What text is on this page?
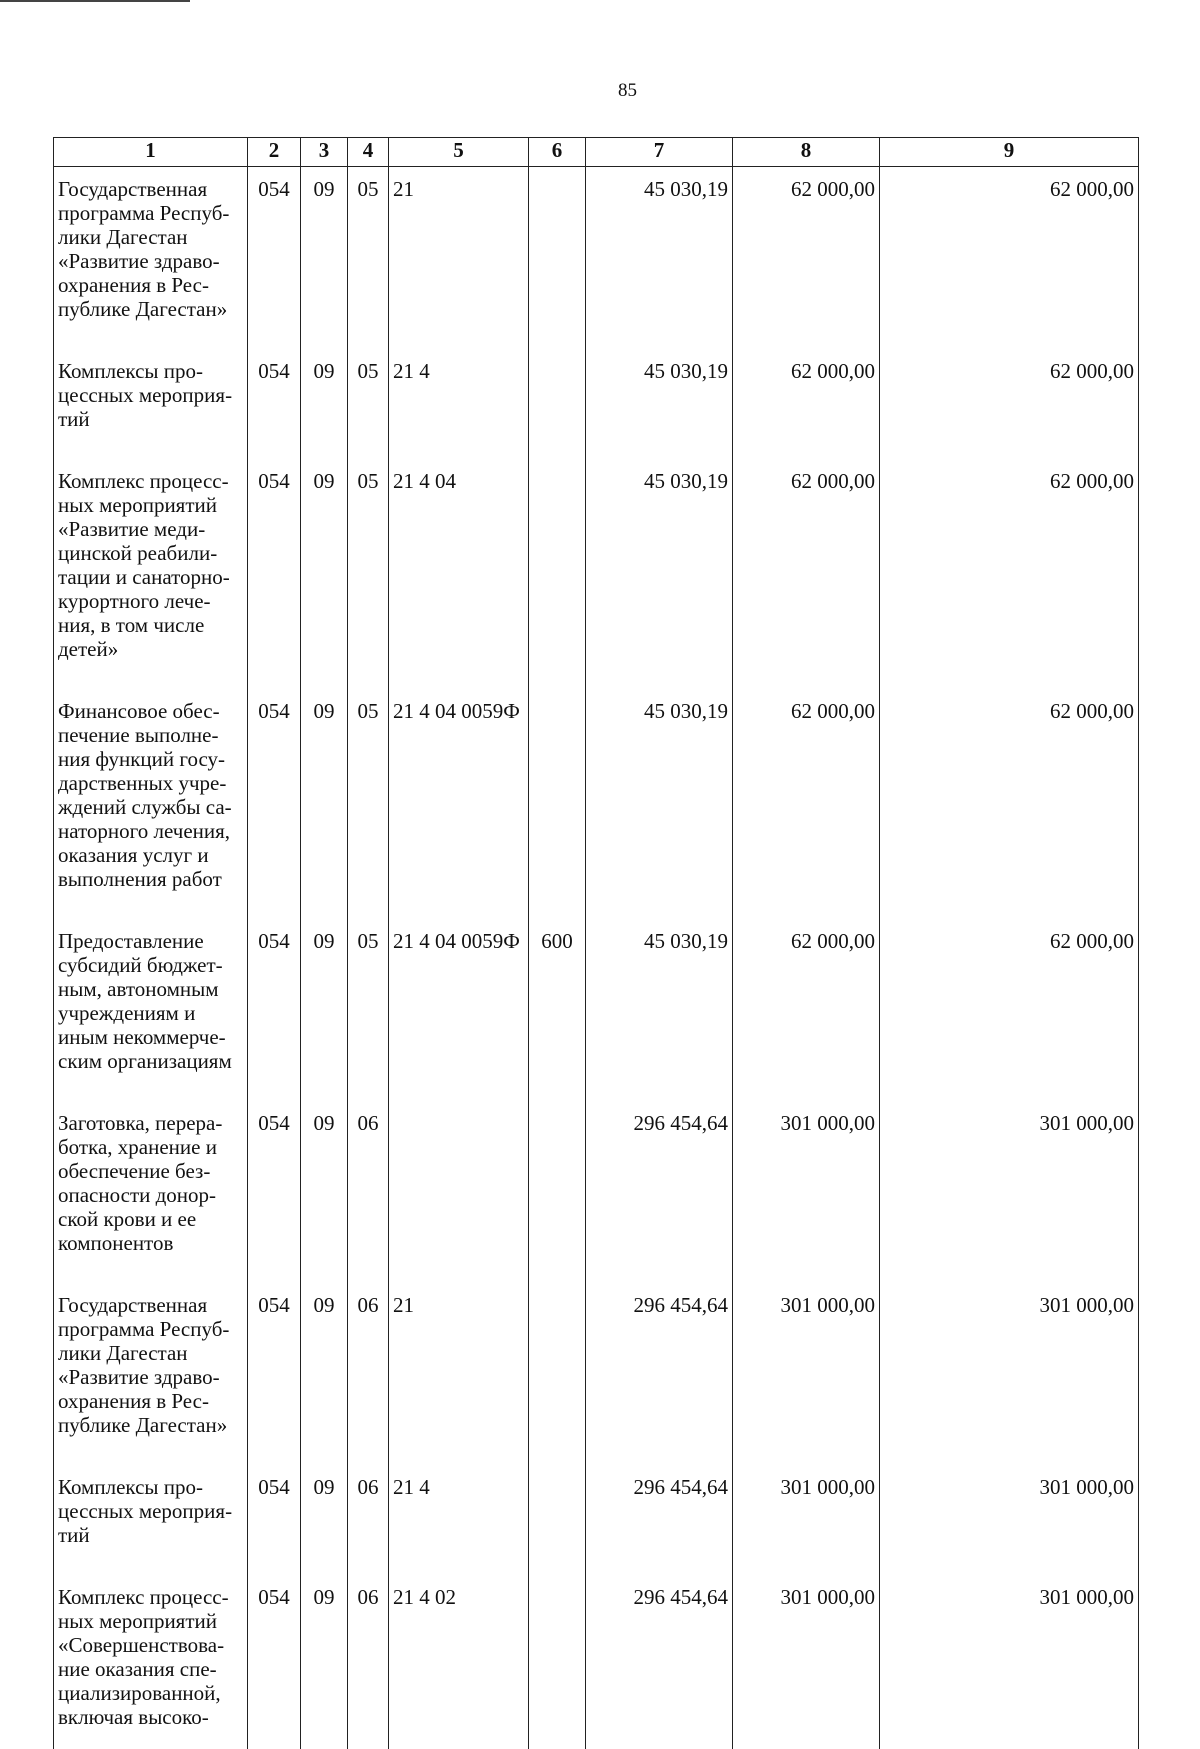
85
1	2	3	4	5	6	7	8	9
Государственная программа Респуб-лики Дагестан «Развитие здраво-охранения в Рес-публике Дагестан»	054	09	05	21		45 030,19	62 000,00	62 000,00
Комплексы про-цессных мероприя-тий	054	09	05	21 4		45 030,19	62 000,00	62 000,00
Комплекс процесс-ных мероприятий «Развитие меди-цинской реабили-тации и санаторно-курортного лече-ния, в том числе детей»	054	09	05	21 4 04		45 030,19	62 000,00	62 000,00
Финансовое обес-печение выполне-ния функций госу-дарственных учре-ждений службы са-наторного лечения, оказания услуг и выполнения работ	054	09	05	21 4 04 0059Ф		45 030,19	62 000,00	62 000,00
Предоставление субсидий бюджет-ным, автономным учреждениям и иным некоммерче-ским организациям	054	09	05	21 4 04 0059Ф	600	45 030,19	62 000,00	62 000,00
Заготовка, перера-ботка, хранение и обеспечение без-опасности донор-ской крови и ее компонентов	054	09	06			296 454,64	301 000,00	301 000,00
Государственная программа Респуб-лики Дагестан «Развитие здраво-охранения в Рес-публике Дагестан»	054	09	06	21		296 454,64	301 000,00	301 000,00
Комплексы про-цессных мероприя-тий	054	09	06	21 4		296 454,64	301 000,00	301 000,00
Комплекс процесс-ных мероприятий «Совершенствова-ние оказания спе-циализированной, включая высоко-	054	09	06	21 4 02		296 454,64	301 000,00	301 000,00
